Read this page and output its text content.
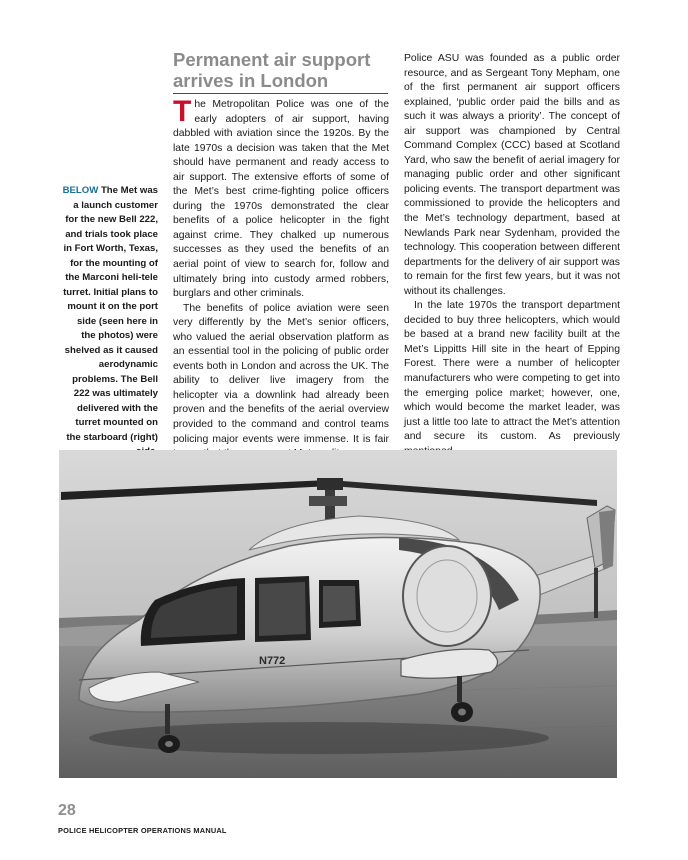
Permanent air support
arrives in London
BELOW The Met was a launch customer for the new Bell 222, and trials took place in Fort Worth, Texas, for the mounting of the Marconi heli-tele turret. Initial plans to mount it on the port side (seen here in the photos) were shelved as it caused aerodynamic problems. The Bell 222 was ultimately delivered with the turret mounted on the starboard (right)

The Metropolitan Police was one of the early adopters of air support, having dabbled with aviation since the 1920s. By the late 1970s a decision was taken that the Met should have permanent and ready access to air support. The extensive efforts of some of the Met’s best crime-fighting police officers during the 1970s demonstrated the clear benefits of a police helicopter in the fight against crime. They chalked up numerous successes as they used the benefits of an aerial point of view to search for, follow and ultimately bring into custody armed robbers, burglars and other criminals.

The benefits of police aviation were seen very differently by the Met’s senior officers, who valued the aerial observation platform as an essential tool in the policing of public order events both in London and across the UK. The ability to deliver live imagery from the helicopter via a downlink had already been proven and the benefits of the aerial overview provided to the command and control teams policing major events were immense. It is fair

Police ASU was founded as a public order resource, and as Sergeant Tony Mepham, one of the first permanent air support officers explained, ‘public order paid the bills and as such it was always a priority’. The concept of air support was championed by Central Command Complex (CCC) based at Scotland Yard, who saw the benefit of aerial imagery for managing public order and other significant policing events. The transport department was commissioned to provide the helicopters and the Met’s technology department, based at Newlands Park near Sydenham, provided the technology. This cooperation between different departments for the delivery of air support was to remain for the first few years, but it was not without its challenges.

In the late 1970s the transport department decided to buy three helicopters, which would be based at a brand new facility built at the Met’s Lippitts Hill site in the heart of Epping Forest. There were a number of helicopter manufacturers who were competing to get into the emerging police market; however, one, which would become the market leader, was just a little too late to attract the Met’s attention and secure its custom. As previously

N772
28
POLICE HELICOPTER OPERATIONS MANUAL
